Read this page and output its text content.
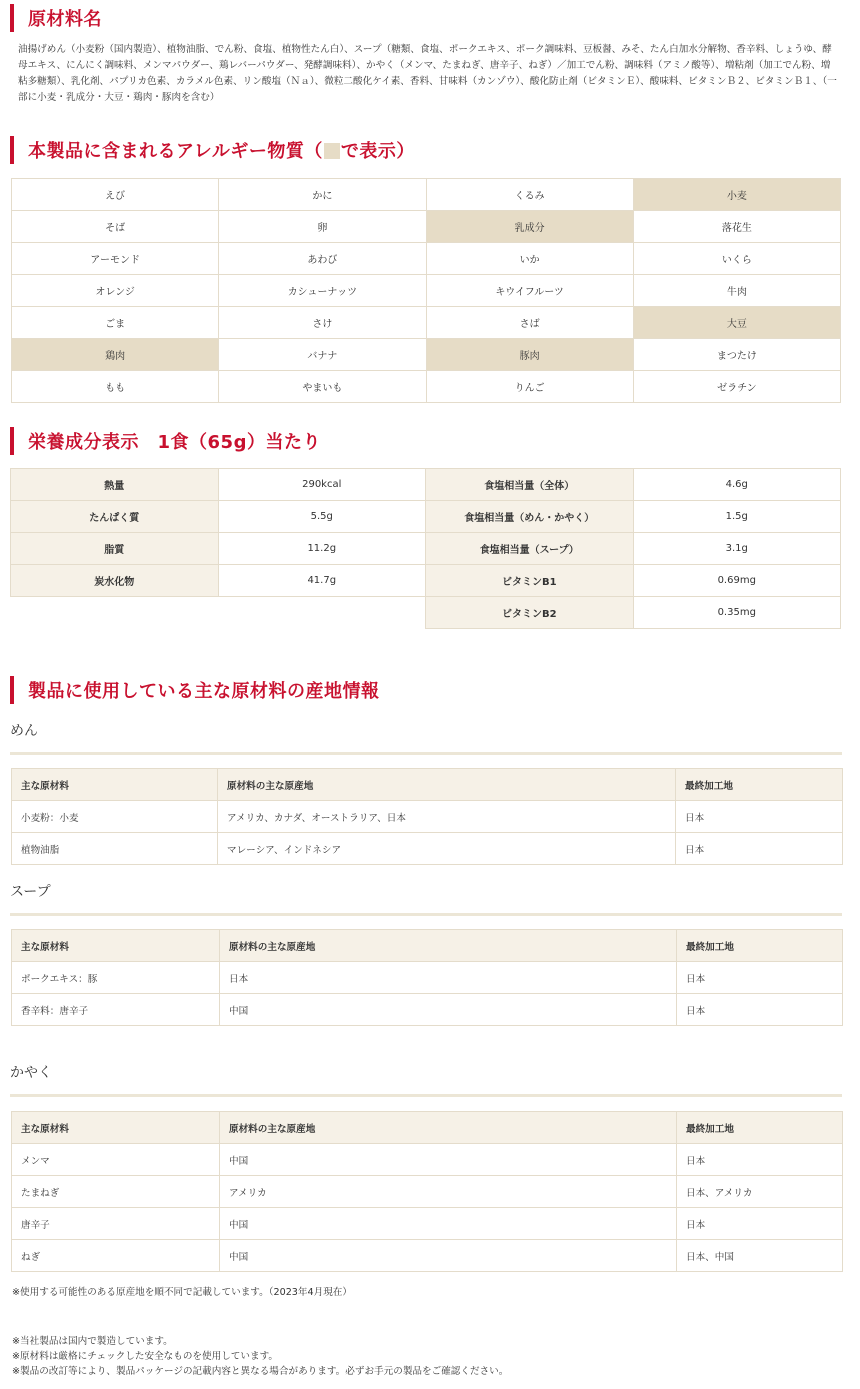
原材料名

油揚げめん（小麦粉（国内製造）、植物油脂、でん粉、食塩、植物性たん白）、スープ（糖類、食塩、ポークエキス、ポーク調味料、豆板醤、みそ、たん白加水分解物、香辛料、しょうゆ、酵母エキス、にんにく調味料、メンマパウダー、鶏レバーパウダー、発酵調味料）、かやく（メンマ、たまねぎ、唐辛子、ねぎ）／加工でん粉、調味料（アミノ酸等）、増粘剤（加工でん粉、増粘多糖類）、乳化剤、パプリカ色素、カラメル色素、リン酸塩（Ｎａ）、微粒二酸化ケイ素、香料、甘味料（カンゾウ）、酸化防止剤（ビタミンＥ）、酸味料、ビタミンＢ２、ビタミンＢ１、（一部に小麦・乳成分・大豆・鶏肉・豚肉を含む）

本製品に含まれるアレルギー物質（ で表示）
えび	かに	くるみ	小麦
そば	卵	乳成分	落花生
アーモンド	あわび	いか	いくら
オレンジ	カシューナッツ	キウイフルーツ	牛肉
ごま	さけ	さば	大豆
鶏肉	バナナ	豚肉	まつたけ
もも	やまいも	りんご	ゼラチン
栄養成分表示　1食（65g）当たり
熱量	290kcal
たんぱく質	5.5g
脂質	11.2g
炭水化物	41.7g
食塩相当量（全体）	4.6g
食塩相当量（めん・かやく）	1.5g
食塩相当量（スープ）	3.1g
ビタミンB1	0.69mg
ビタミンB2	0.35mg
製品に使用している主な原材料の産地情報
めん
主な原材料	原材料の主な原産地	最終加工地
小麦粉：小麦	アメリカ、カナダ、オーストラリア、日本	日本
植物油脂	マレーシア、インドネシア	日本
スープ
主な原材料	原材料の主な原産地	最終加工地
ポークエキス：豚	日本	日本
香辛料：唐辛子	中国	日本
かやく
主な原材料	原材料の主な原産地	最終加工地
メンマ	中国	日本
たまねぎ	アメリカ	日本、アメリカ
唐辛子	中国	日本
ねぎ	中国	日本、中国

※使用する可能性のある原産地を順不同で記載しています。（2023年4月現在）

※当社製品は国内で製造しています。

※原材料は厳格にチェックした安全なものを使用しています。

※製品の改訂等により、製品パッケージの記載内容と異なる場合があります。必ずお手元の製品をご確認ください。
